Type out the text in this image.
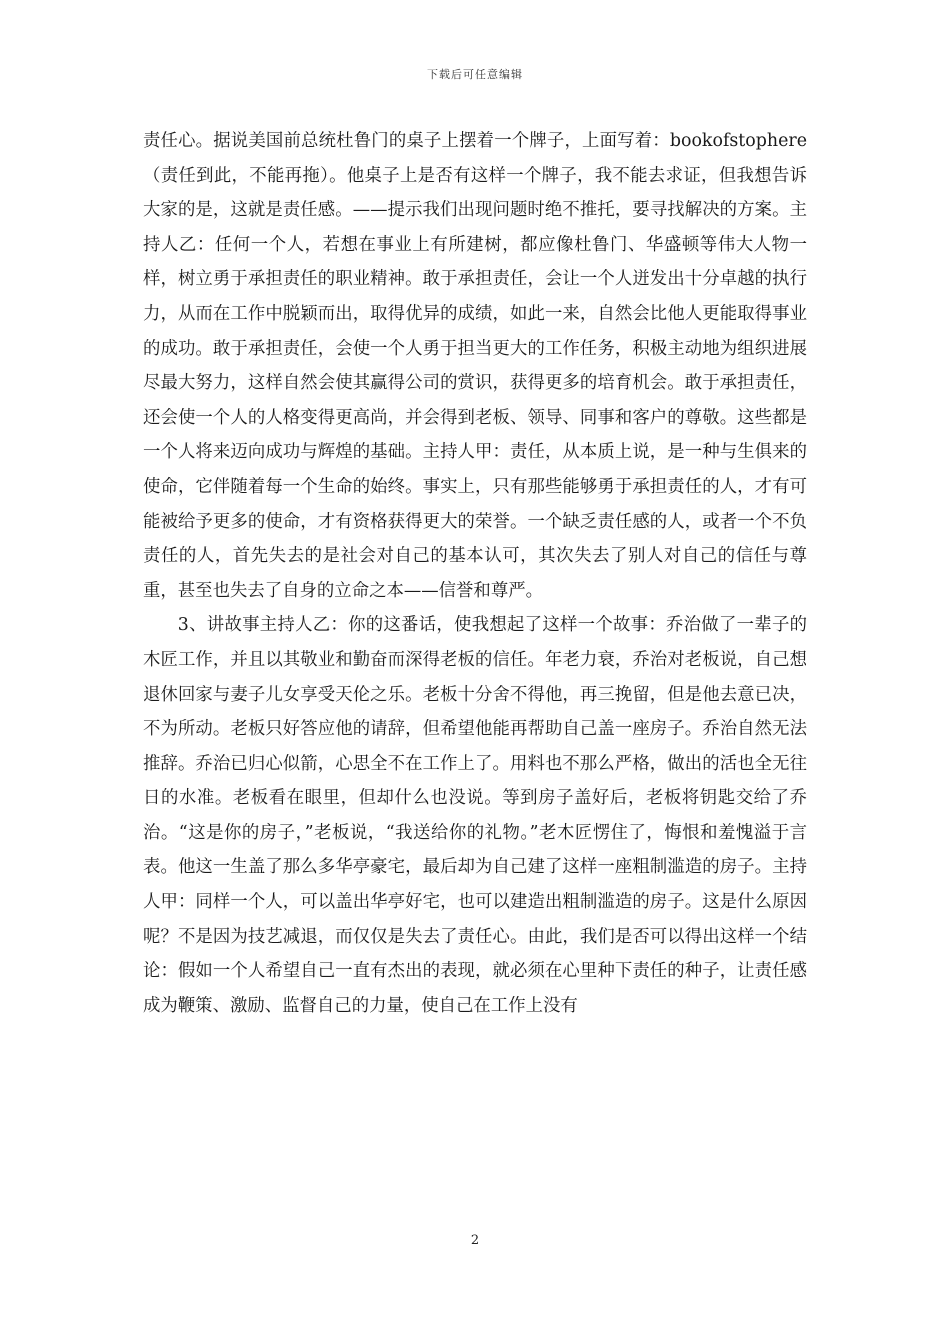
下载后可任意编辑

责任心。据说美国前总统杜鲁门的桌子上摆着一个牌子，上面写着：bookofstophere（责任到此，不能再拖）。他桌子上是否有这样一个牌子，我不能去求证，但我想告诉大家的是，这就是责任感。——提示我们出现问题时绝不推托，要寻找解决的方案。主持人乙：任何一个人，若想在事业上有所建树，都应像杜鲁门、华盛顿等伟大人物一样，树立勇于承担责任的职业精神。敢于承担责任，会让一个人迸发出十分卓越的执行力，从而在工作中脱颖而出，取得优异的成绩，如此一来，自然会比他人更能取得事业的成功。敢于承担责任，会使一个人勇于担当更大的工作任务，积极主动地为组织进展尽最大努力，这样自然会使其赢得公司的赏识，获得更多的培育机会。敢于承担责任，还会使一个人的人格变得更高尚，并会得到老板、领导、同事和客户的尊敬。这些都是一个人将来迈向成功与辉煌的基础。主持人甲：责任，从本质上说，是一种与生俱来的使命，它伴随着每一个生命的始终。事实上，只有那些能够勇于承担责任的人，才有可能被给予更多的使命，才有资格获得更大的荣誉。一个缺乏责任感的人，或者一个不负责任的人，首先失去的是社会对自己的基本认可，其次失去了别人对自己的信任与尊重，甚至也失去了自身的立命之本——信誉和尊严。

3、讲故事主持人乙：你的这番话，使我想起了这样一个故事：乔治做了一辈子的木匠工作，并且以其敬业和勤奋而深得老板的信任。年老力衰，乔治对老板说，自己想退休回家与妻子儿女享受天伦之乐。老板十分舍不得他，再三挽留，但是他去意已决，不为所动。老板只好答应他的请辞，但希望他能再帮助自己盖一座房子。乔治自然无法推辞。乔治已归心似箭，心思全不在工作上了。用料也不那么严格，做出的活也全无往日的水准。老板看在眼里，但却什么也没说。等到房子盖好后，老板将钥匙交给了乔治。“这是你的房子，”老板说，“我送给你的礼物。”老木匠愣住了，悔恨和羞愧溢于言表。他这一生盖了那么多华亭豪宅，最后却为自己建了这样一座粗制滥造的房子。主持人甲：同样一个人，可以盖出华亭好宅，也可以建造出粗制滥造的房子。这是什么原因呢？不是因为技艺减退，而仅仅是失去了责任心。由此，我们是否可以得出这样一个结论：假如一个人希望自己一直有杰出的表现，就必须在心里种下责任的种子，让责任感成为鞭策、激励、监督自己的力量，使自己在工作上没有

2
